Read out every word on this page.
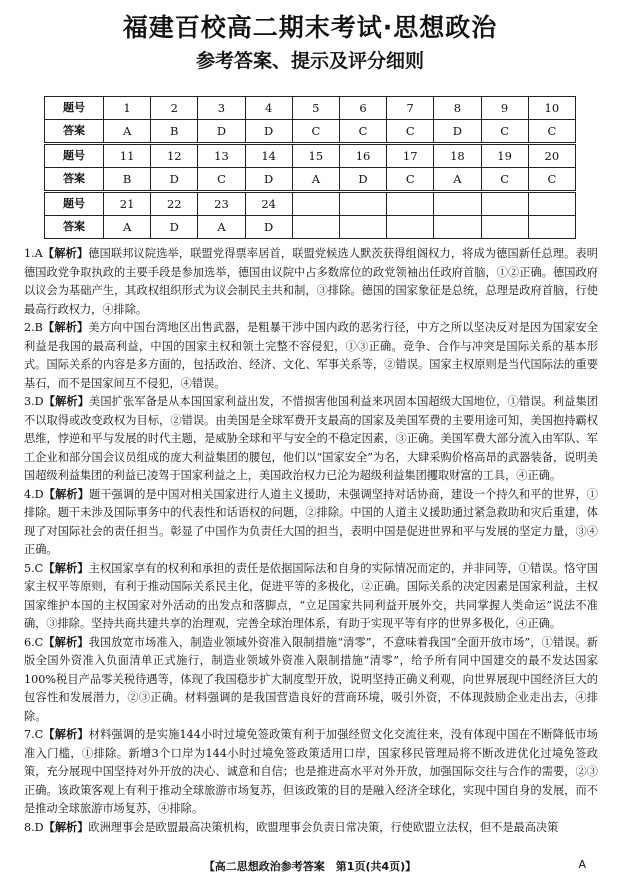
福建百校高二期末考试·思想政治
参考答案、提示及评分细则
题号	1	2	3	4	5	6	7	8	9	10
答案	A	B	D	D	C	C	C	D	C	C
题号	11	12	13	14	15	16	17	18	19	20
答案	B	D	C	D	A	D	C	A	C	C
题号	21	22	23	24						
答案	A	D	A	D						

1.A【解析】德国联邦议院选举，联盟党得票率居首，联盟党候选人默茨获得组阁权力，将成为德国新任总理。表明德国政党争取执政的主要手段是参加选举，德国由议院中占多数席位的政党领袖出任政府首脑，①②正确。德国政府以议会为基础产生，其政权组织形式为议会制民主共和制，③排除。德国的国家象征是总统，总理是政府首脑，行使最高行政权力，④排除。

2.B【解析】美方向中国台湾地区出售武器，是粗暴干涉中国内政的恶劣行径，中方之所以坚决反对是因为国家安全利益是我国的最高利益，中国的国家主权和领土完整不容侵犯，①③正确。竞争、合作与冲突是国际关系的基本形式。国际关系的内容是多方面的，包括政治、经济、文化、军事关系等，②错误。国家主权原则是当代国际法的重要基石，而不是国家间互不侵犯，④错误。

3.D【解析】美国扩张军备是从本国国家利益出发，不惜损害他国利益来巩固本国超级大国地位，①错误。利益集团不以取得或改变政权为目标，②错误。由美国是全球军费开支最高的国家及美国军费的主要用途可知，美国抱持霸权思维，悖逆和平与发展的时代主题，是威胁全球和平与安全的不稳定因素，③正确。美国军费大部分流入由军队、军工企业和部分国会议员组成的庞大利益集团的腰包，他们以“国家安全”为名，大肆采购价格高昂的武器装备，说明美国超级利益集团的利益已凌驾于国家利益之上，美国政治权力已沦为超级利益集团攫取财富的工具，④正确。

4.D【解析】题干强调的是中国对相关国家进行人道主义援助，未强调坚持对话协商，建设一个持久和平的世界，①排除。题干未涉及国际事务中的代表性和话语权的问题，②排除。中国的人道主义援助通过紧急救助和灾后重建，体现了对国际社会的责任担当。彰显了中国作为负责任大国的担当，表明中国是促进世界和平与发展的坚定力量，③④正确。

5.C【解析】主权国家享有的权利和承担的责任是依据国际法和自身的实际情况而定的，并非同等，①错误。恪守国家主权平等原则，有利于推动国际关系民主化，促进平等的多极化，②正确。国际关系的决定因素是国家利益，主权国家维护本国的主权国家对外活动的出发点和落脚点，“立足国家共同利益开展外交，共同掌握人类命运”说法不准确，③排除。坚持共商共建共享的治理观，完善全球治理体系，有助于实现平等有序的世界多极化，④正确。

6.C【解析】我国放宽市场准入，制造业领域外资准入限制措施“清零”，不意味着我国“全面开放市场”，①错误。新版全国外资准入负面清单正式施行，制造业领域外资准入限制措施“清零”，给予所有同中国建交的最不发达国家100%税目产品零关税待遇等，体现了我国稳步扩大制度型开放，说明坚持正确义利观，向世界展现中国经济巨大的包容性和发展潜力，②③正确。材料强调的是我国营造良好的营商环境，吸引外资，不体现鼓励企业走出去，④排除。

7.C【解析】材料强调的是实施144小时过境免签政策有利于加强经贸文化交流往来，没有体现中国在不断降低市场准入门槛，①排除。新增3个口岸为144小时过境免签政策适用口岸，国家移民管理局将不断改进优化过境免签政策，充分展现中国坚持对外开放的决心、诚意和自信；也是推进高水平对外开放，加强国际交往与合作的需要，②③正确。该政策客观上有利于推动全球旅游市场复苏，但该政策的目的是融入经济全球化，实现中国自身的发展，而不是推动全球旅游市场复苏，④排除。

8.D【解析】欧洲理事会是欧盟最高决策机构，欧盟理事会负责日常决策，行使欧盟立法权，但不是最高决策

【高二思想政治参考答案　第1页(共4页)】	A
